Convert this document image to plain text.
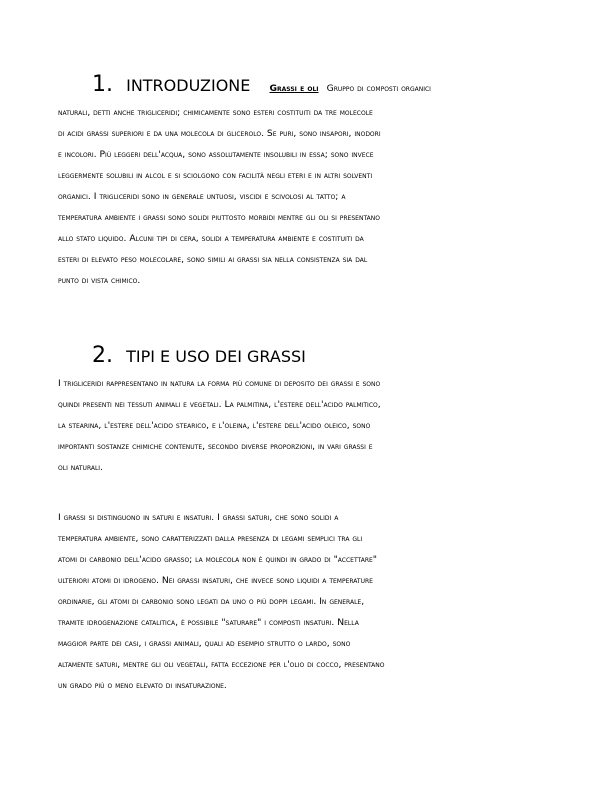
1. INTRODUZIONE Grassi e oli Gruppo di composti organici
naturali, detti anche trigliceridi; chimicamente sono esteri costituiti da tre molecole
di acidi grassi superiori e da una molecola di glicerolo. Se puri, sono insapori, inodori
e incolori. Più leggeri dell'acqua, sono assolutamente insolubili in essa; sono invece
leggermente solubili in alcol e si sciolgono con facilità negli eteri e in altri solventi
organici. I trigliceridi sono in generale untuosi, viscidi e scivolosi al tatto; a
temperatura ambiente i grassi sono solidi piuttosto morbidi mentre gli oli si presentano
allo stato liquido. Alcuni tipi di cera, solidi a temperatura ambiente e costituiti da
esteri di elevato peso molecolare, sono simili ai grassi sia nella consistenza sia dal
punto di vista chimico.
2. TIPI E USO DEI GRASSI
I trigliceridi rappresentano in natura la forma più comune di deposito dei grassi e sono
quindi presenti nei tessuti animali e vegetali. La palmitina, l'estere dell'acido palmitico,
la stearina, l'estere dell'acido stearico, e l'oleina, l'estere dell'acido oleico, sono
importanti sostanze chimiche contenute, secondo diverse proporzioni, in vari grassi e
oli naturali.
I grassi si distinguono in saturi e insaturi. I grassi saturi, che sono solidi a
temperatura ambiente, sono caratterizzati dalla presenza di legami semplici tra gli
atomi di carbonio dell'acido grasso; la molecola non è quindi in grado di "accettare"
ulteriori atomi di idrogeno. Nei grassi insaturi, che invece sono liquidi a temperature
ordinarie, gli atomi di carbonio sono legati da uno o più doppi legami. In generale,
tramite idrogenazione catalitica, è possibile "saturare" i composti insaturi. Nella
maggior parte dei casi, i grassi animali, quali ad esempio strutto o lardo, sono
altamente saturi, mentre gli oli vegetali, fatta eccezione per l'olio di cocco, presentano
un grado più o meno elevato di insaturazione.
